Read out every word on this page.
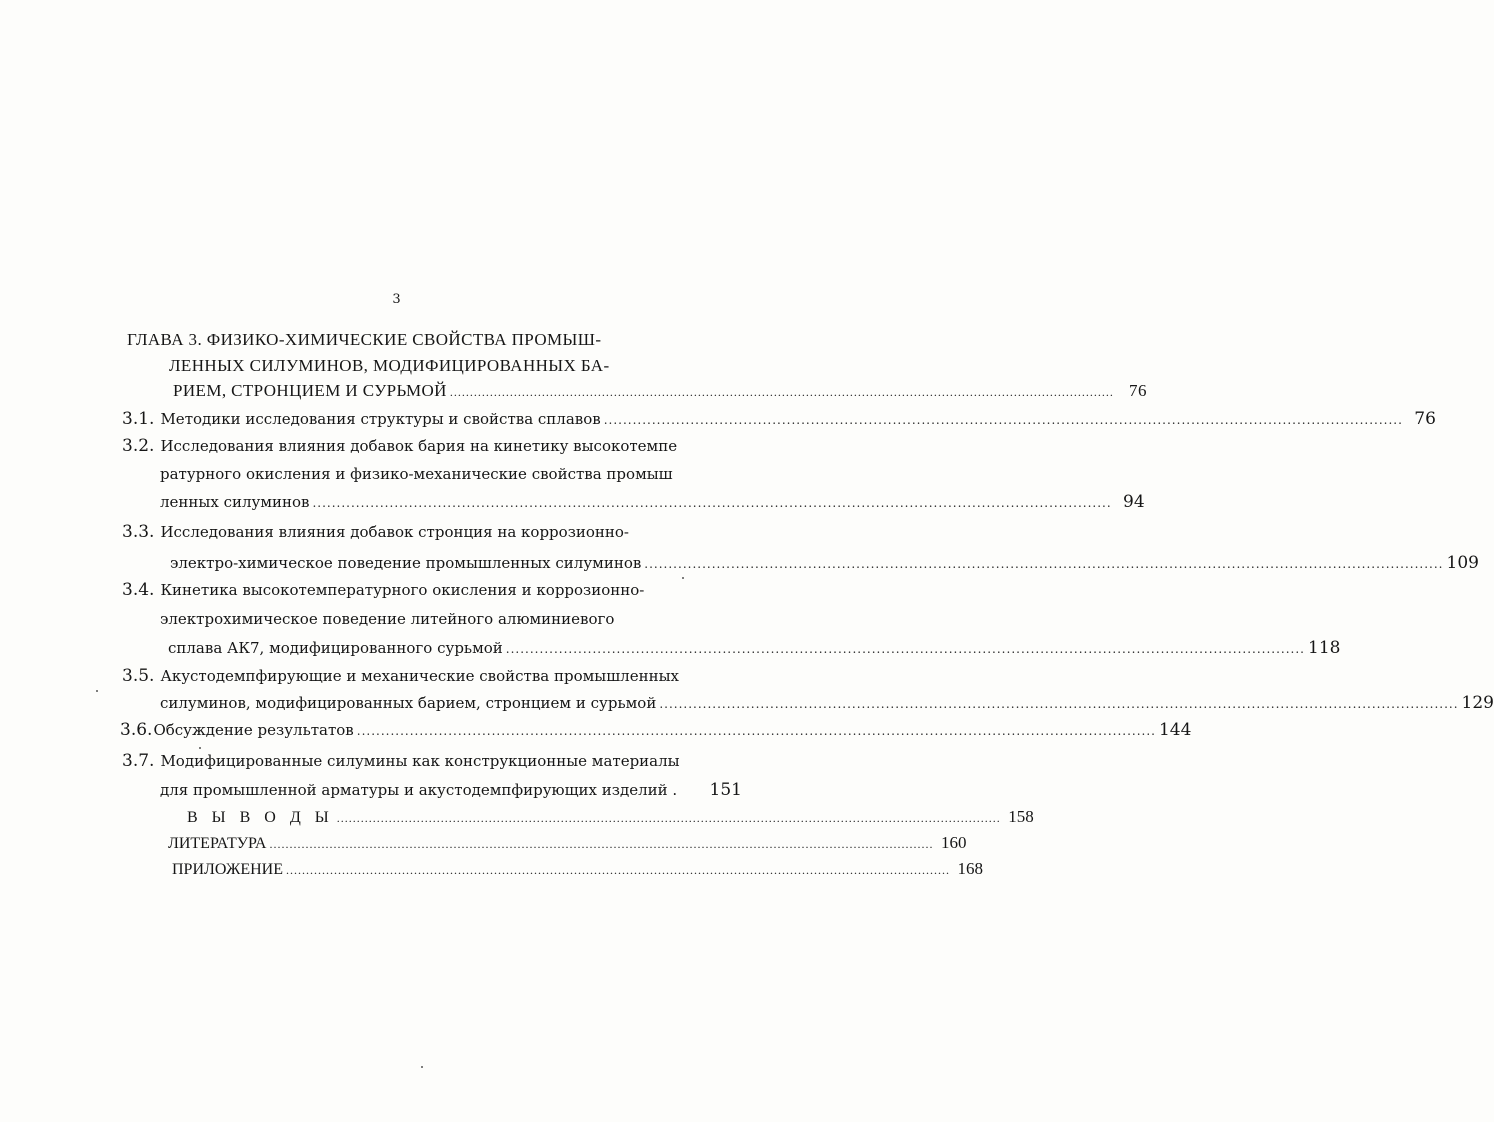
3
ГЛАВА 3. ФИЗИКО-ХИМИЧЕСКИЕ СВОЙСТВА ПРОМЫШ-
ЛЕННЫХ СИЛУМИНОВ, МОДИФИЦИРОВАННЫХ БА-
РИЕМ, СТРОНЦИЕМ И СУРЬМОЙ ...................................................................................................................................................................... 76
3.1. Методики исследования структуры и свойства сплавов ...................................................................................................................................................................... 76
3.2. Исследования влияния добавок бария на кинетику высокотемпе
ратурного окисления и физико-механические свойства промыш
ленных силуминов ...................................................................................................................................................................... 94
3.3. Исследования влияния добавок стронция на коррозионно-
электро-химическое поведение промышленных силуминов ...................................................................................................................................................................... 109
3.4. Кинетика высокотемпературного окисления и коррозионно-
электрохимическое поведение литейного алюминиевого
сплава АК7, модифицированного сурьмой ...................................................................................................................................................................... 118
3.5. Акустодемпфирующие и механические свойства промышленных
силуминов, модифицированных барием, стронцием и сурьмой ...................................................................................................................................................................... 129
3.6. Обсуждение результатов ...................................................................................................................................................................... 144
3.7. Модифицированные силумины как конструкционные материалы
для промышленной арматуры и акустодемпфирующих изделий . 151
В Ы В О Д Ы ...................................................................................................................................................................... 158
ЛИТЕРАТУРА ...................................................................................................................................................................... 160
ПРИЛОЖЕНИЕ ...................................................................................................................................................................... 168
